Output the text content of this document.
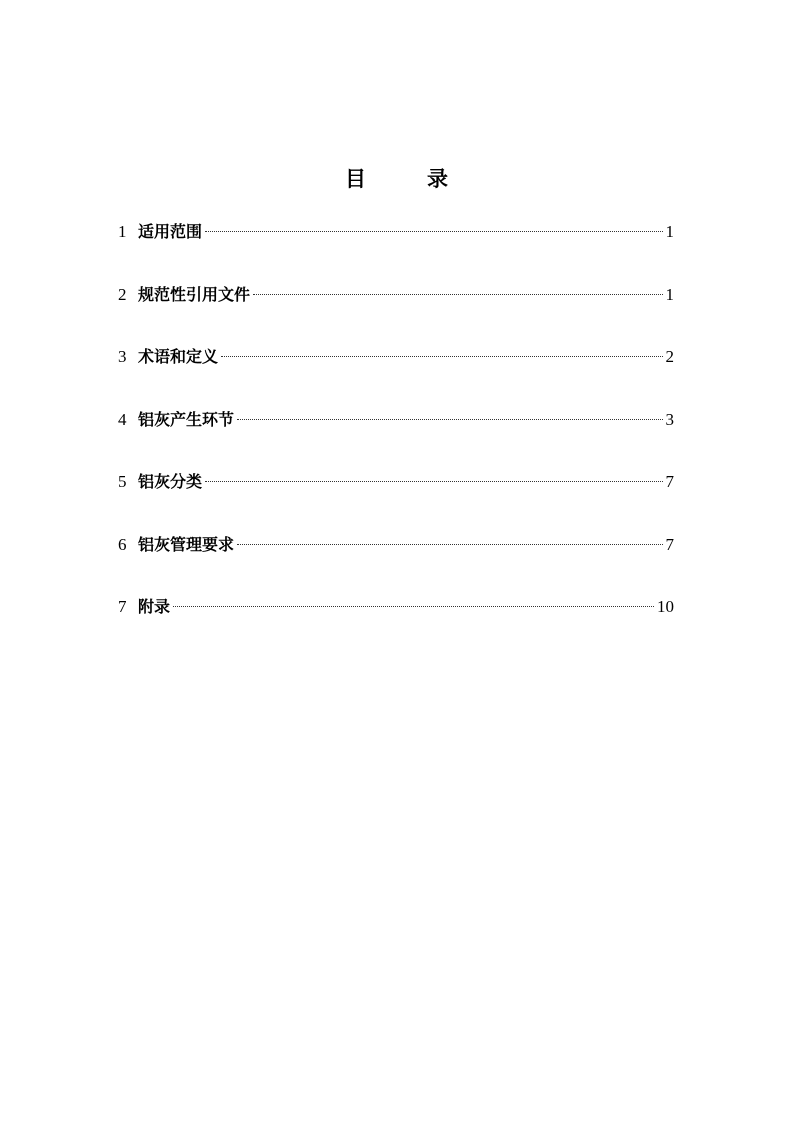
目　录
1 适用范围	1
2 规范性引用文件	1
3 术语和定义	2
4 铝灰产生环节	3
5 铝灰分类	7
6 铝灰管理要求	7
7 附录	10
